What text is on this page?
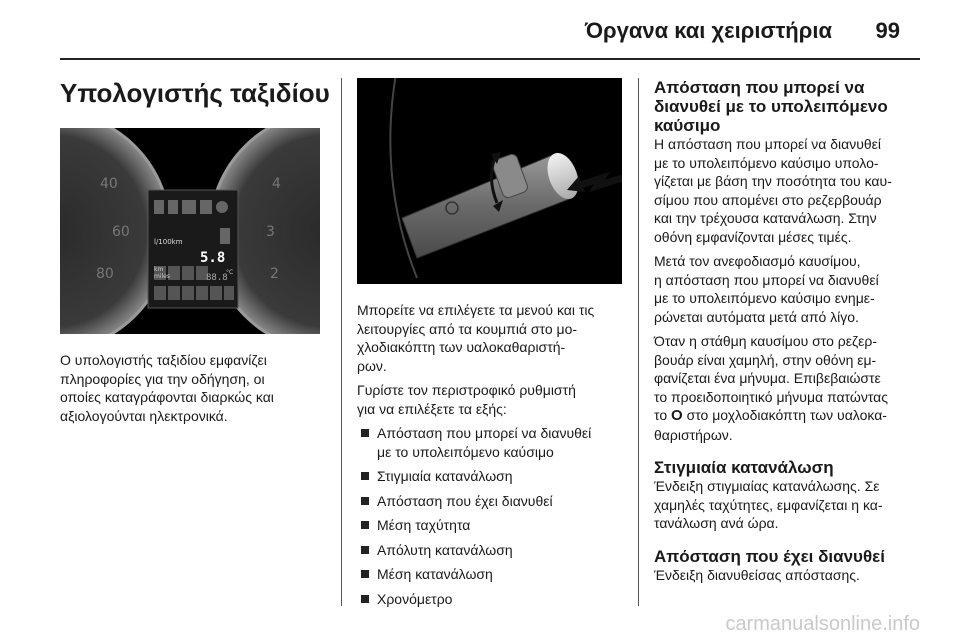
Όργανα και χειριστήρια 99
Υπολογιστής ταξιδίου
40
60
80
4
3
2
l/100km
5.8
km
miles	88.8
°C
Ο υπολογιστής ταξιδίου εμφανίζει
πληροφορίες για την οδήγηση, οι
οποίες καταγράφονται διαρκώς και
αξιολογούνται ηλεκτρονικά.

Μπορείτε να επιλέγετε τα μενού και τις
λειτουργίες από τα κουμπιά στο μο-
χλοδιακόπτη των υαλοκαθαριστή-
ρων.

Γυρίστε τον περιστροφικό ρυθμιστή
για να επιλέξετε τα εξής:

Απόσταση που μπορεί να διανυθεί
με το υπολειπόμενο καύσιμο
Στιγμιαία κατανάλωση
Απόσταση που έχει διανυθεί
Μέση ταχύτητα
Απόλυτη κατανάλωση
Μέση κατανάλωση
Χρονόμετρο
Απόσταση που μπορεί να
διανυθεί με το υπολειπόμενο
καύσιμο

Η απόσταση που μπορεί να διανυθεί
με το υπολειπόμενο καύσιμο υπολο-
γίζεται με βάση την ποσότητα του καυ-
σίμου που απομένει στο ρεζερβουάρ
και την τρέχουσα κατανάλωση. Στην
οθόνη εμφανίζονται μέσες τιμές.

Μετά τον ανεφοδιασμό καυσίμου,
η απόσταση που μπορεί να διανυθεί
με το υπολειπόμενο καύσιμο ενημε-
ρώνεται αυτόματα μετά από λίγο.

Όταν η στάθμη καυσίμου στο ρεζερ-
βουάρ είναι χαμηλή, στην οθόνη εμ-
φανίζεται ένα μήνυμα. Επιβεβαιώστε
το προειδοποιητικό μήνυμα πατώντας
το O στο μοχλοδιακόπτη των υαλοκα-
θαριστήρων.

Στιγμιαία κατανάλωση

Ένδειξη στιγμιαίας κατανάλωσης. Σε
χαμηλές ταχύτητες, εμφανίζεται η κα-
τανάλωση ανά ώρα.

Απόσταση που έχει διανυθεί

Ένδειξη διανυθείσας απόστασης.

carmanualsonline.info
